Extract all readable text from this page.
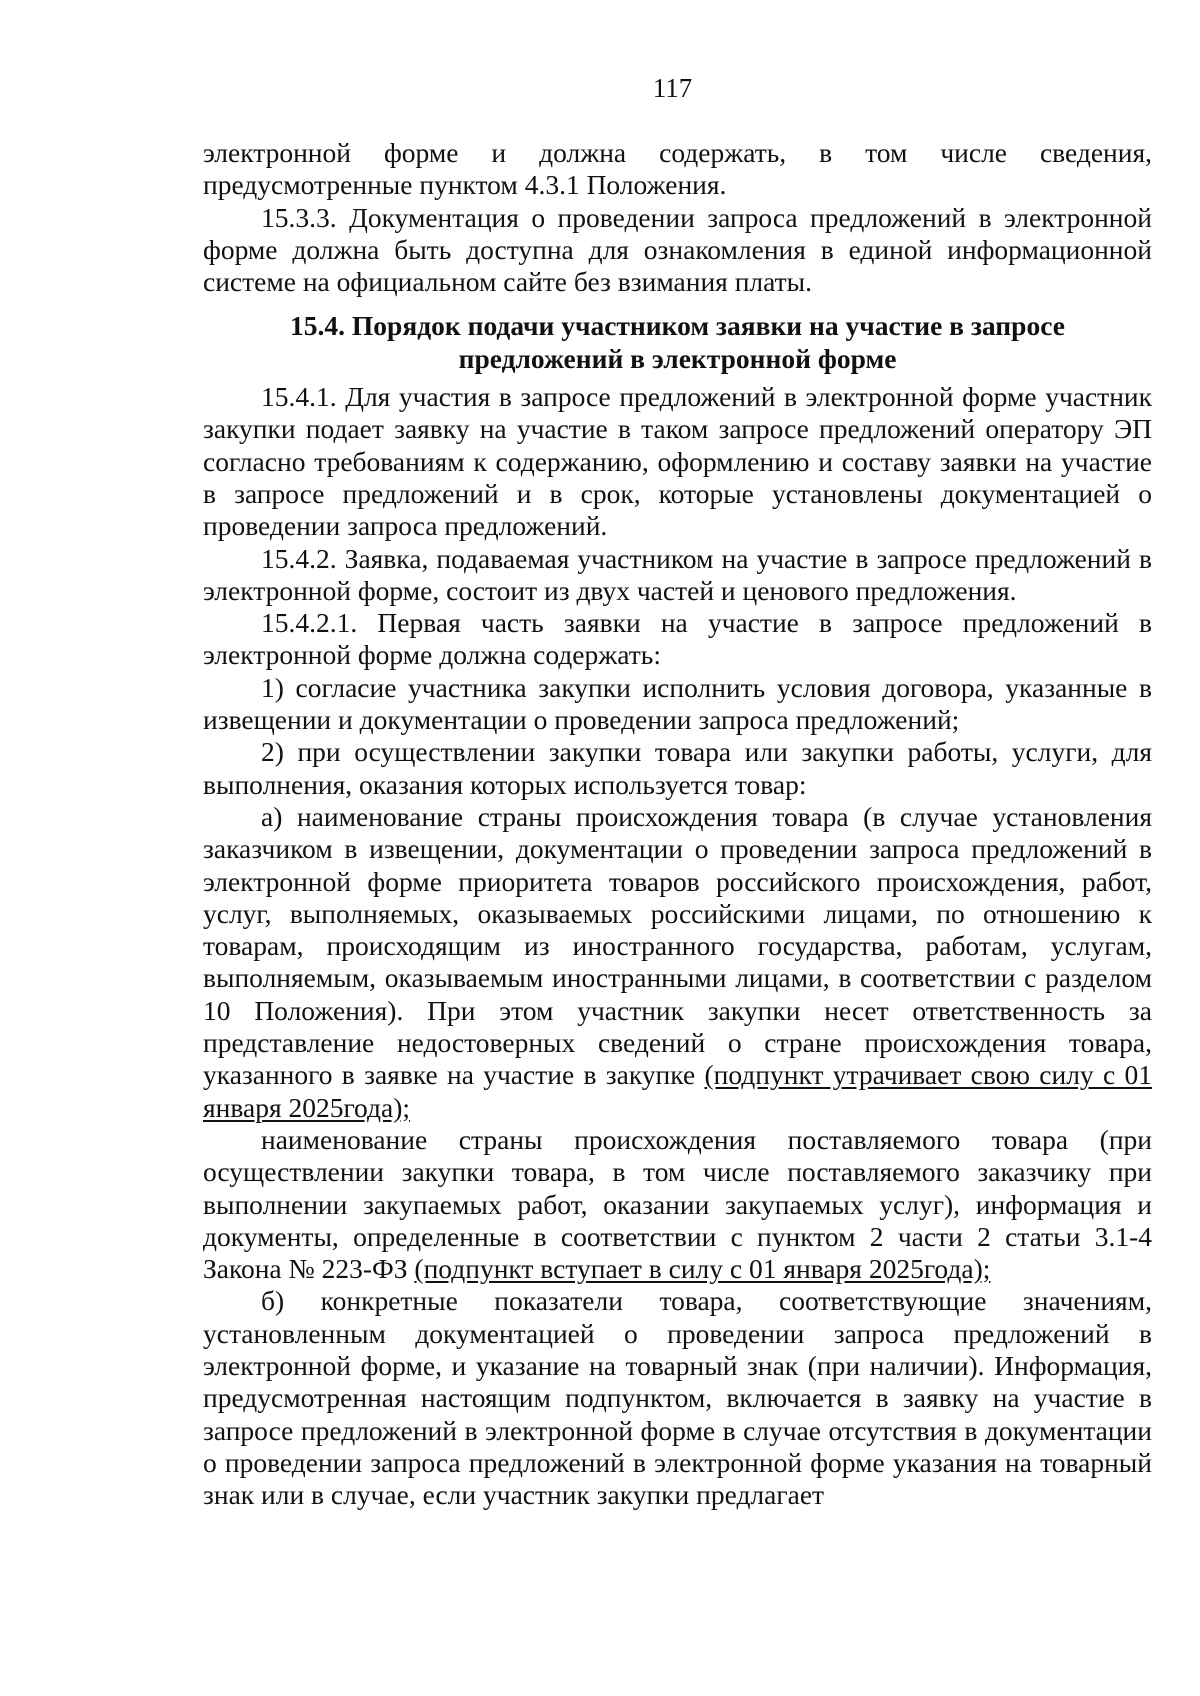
117

электронной форме и должна содержать, в том числе сведения, предусмотренные пунктом 4.3.1 Положения.

15.3.3. Документация о проведении запроса предложений в электронной форме должна быть доступна для ознакомления в единой информационной системе на официальном сайте без взимания платы.

15.4. Порядок подачи участником заявки на участие в запросе
предложений в электронной форме

15.4.1. Для участия в запросе предложений в электронной форме участник закупки подает заявку на участие в таком запросе предложений оператору ЭП согласно требованиям к содержанию, оформлению и составу заявки на участие в запросе предложений и в срок, которые установлены документацией о проведении запроса предложений.

15.4.2. Заявка, подаваемая участником на участие в запросе предложений в электронной форме, состоит из двух частей и ценового предложения.

15.4.2.1. Первая часть заявки на участие в запросе предложений в электронной форме должна содержать:

1) согласие участника закупки исполнить условия договора, указанные в извещении и документации о проведении запроса предложений;

2) при осуществлении закупки товара или закупки работы, услуги, для выполнения, оказания которых используется товар:

а) наименование страны происхождения товара (в случае установления заказчиком в извещении, документации о проведении запроса предложений в электронной форме приоритета товаров российского происхождения, работ, услуг, выполняемых, оказываемых российскими лицами, по отношению к товарам, происходящим из иностранного государства, работам, услугам, выполняемым, оказываемым иностранными лицами, в соответствии с разделом 10 Положения). При этом участник закупки несет ответственность за представление недостоверных сведений о стране происхождения товара, указанного в заявке на участие в закупке (подпункт утрачивает свою силу с 01 января 2025года);

наименование страны происхождения поставляемого товара (при осуществлении закупки товара, в том числе поставляемого заказчику при выполнении закупаемых работ, оказании закупаемых услуг), информация и документы, определенные в соответствии с пунктом 2 части 2 статьи 3.1-4 Закона № 223-ФЗ (подпункт вступает в силу с 01 января 2025года);

б) конкретные показатели товара, соответствующие значениям, установленным документацией о проведении запроса предложений в электронной форме, и указание на товарный знак (при наличии). Информация, предусмотренная настоящим подпунктом, включается в заявку на участие в запросе предложений в электронной форме в случае отсутствия в документации о проведении запроса предложений в электронной форме указания на товарный знак или в случае, если участник закупки предлагает
